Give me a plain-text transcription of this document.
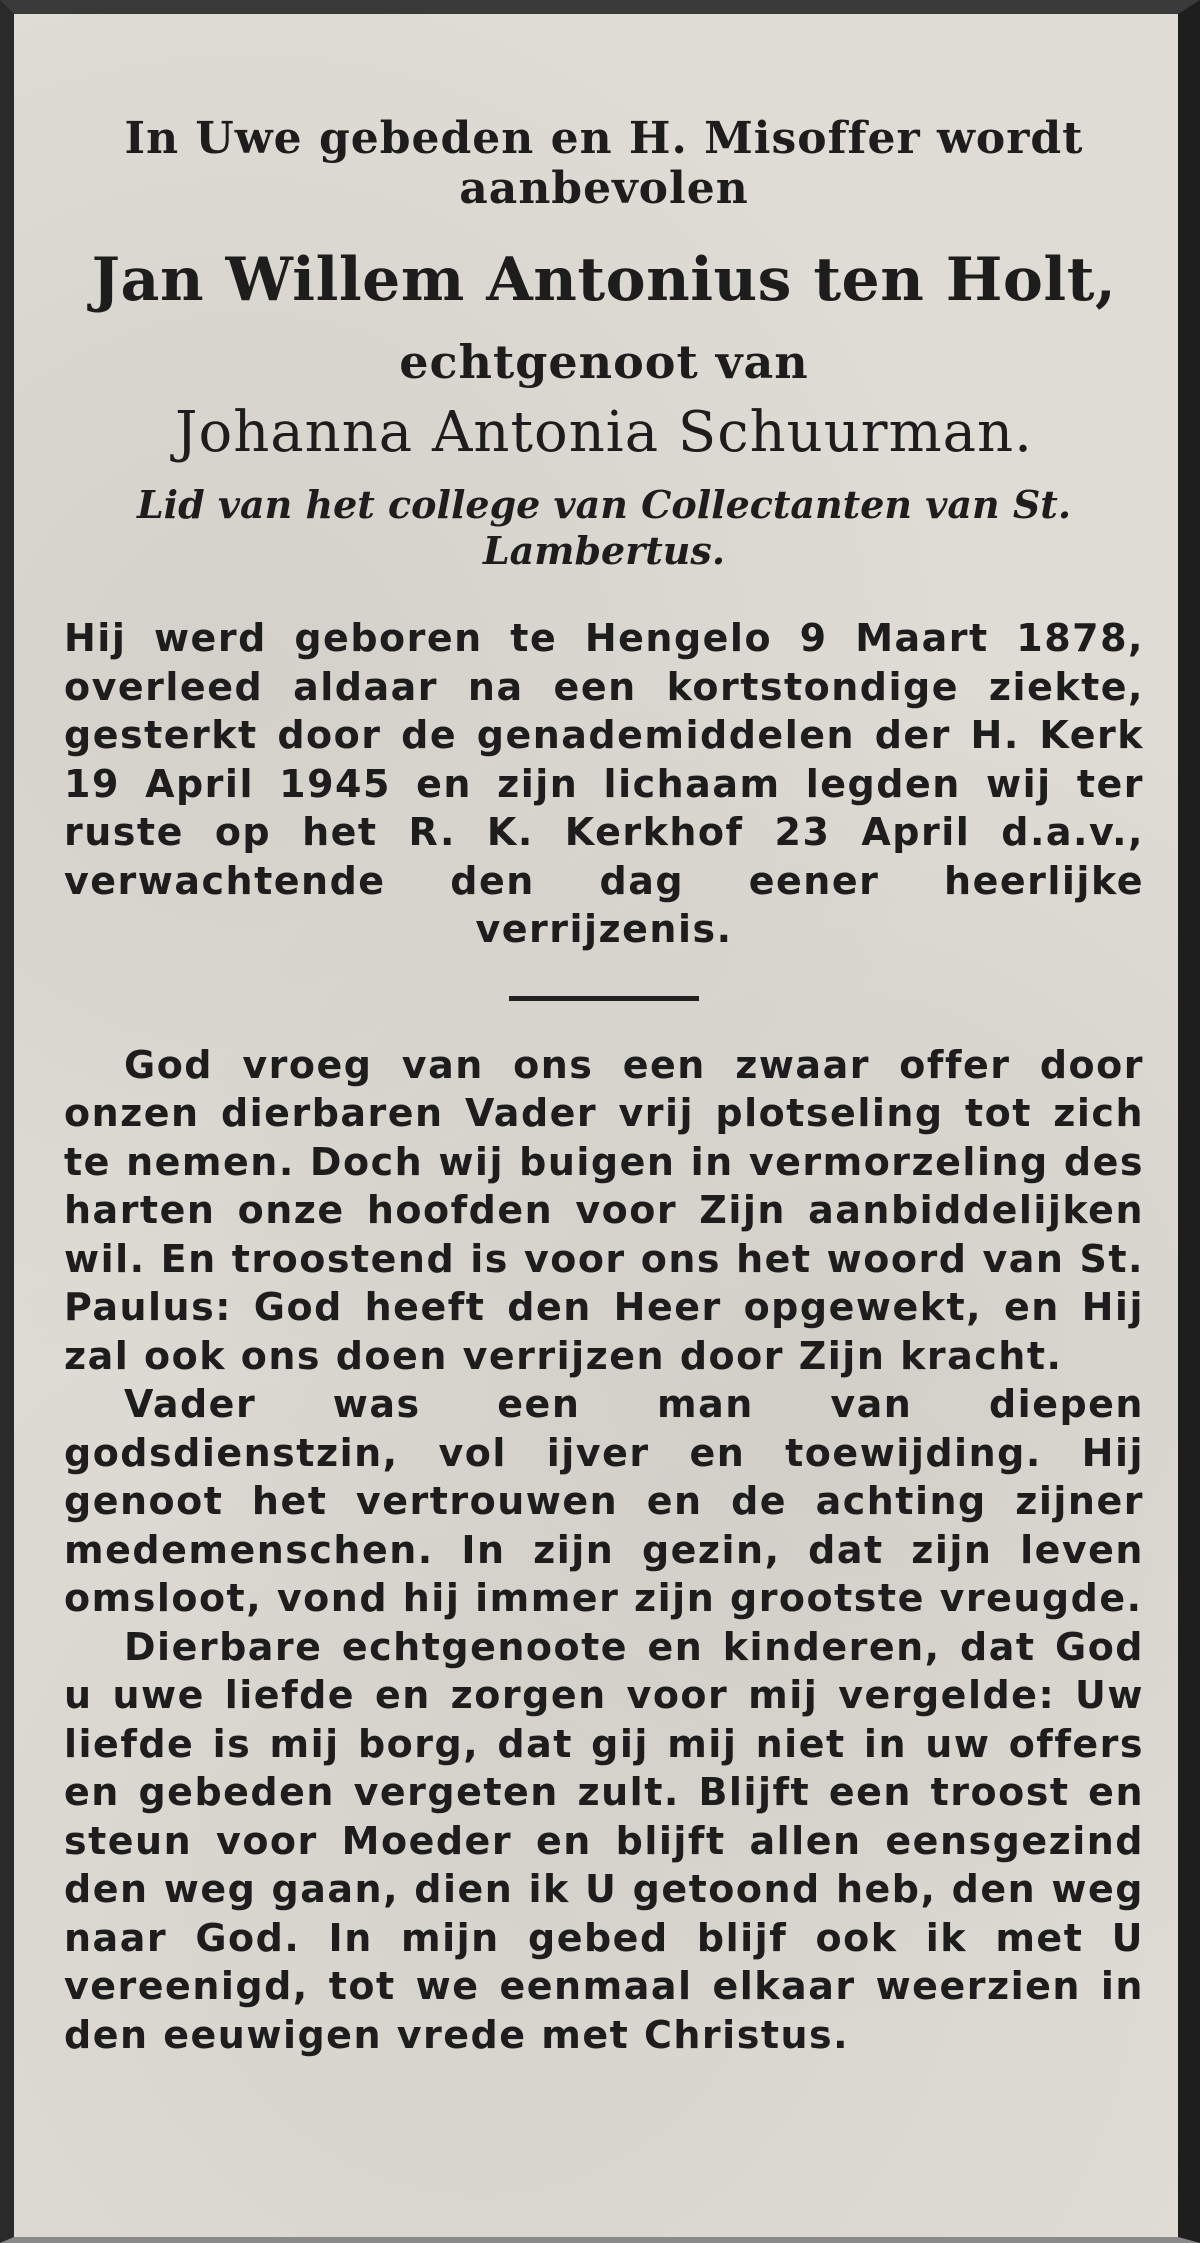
In Uwe gebeden en H. Misoffer wordt aanbevolen
Jan Willem Antonius ten Holt,
echtgenoot van
Johanna Antonia Schuurman.
Lid van het college van Collectanten van St. Lambertus.

Hij werd geboren te Hengelo 9 Maart 1878, overleed aldaar na een kortstondige ziekte, gesterkt door de genademiddelen der H. Kerk 19 April 1945 en zijn lichaam legden wij ter ruste op het R. K. Kerkhof 23 April d.a.v., verwachtende den dag eener heerlijke verrijzenis.

God vroeg van ons een zwaar offer door onzen dierbaren Vader vrij plotseling tot zich te nemen. Doch wij buigen in vermorzeling des harten onze hoofden voor Zijn aanbiddelijken wil. En troostend is voor ons het woord van St. Paulus: God heeft den Heer opgewekt, en Hij zal ook ons doen verrijzen door Zijn kracht.

Vader was een man van diepen godsdienstzin, vol ijver en toewijding. Hij genoot het vertrouwen en de achting zijner medemenschen. In zijn gezin, dat zijn leven omsloot, vond hij immer zijn grootste vreugde.

Dierbare echtgenoote en kinderen, dat God u uwe liefde en zorgen voor mij vergelde: Uw liefde is mij borg, dat gij mij niet in uw offers en gebeden vergeten zult. Blijft een troost en steun voor Moeder en blijft allen eensgezind den weg gaan, dien ik U getoond heb, den weg naar God. In mijn gebed blijf ook ik met U vereenigd, tot we eenmaal elkaar weerzien in den eeuwigen vrede met Christus.
